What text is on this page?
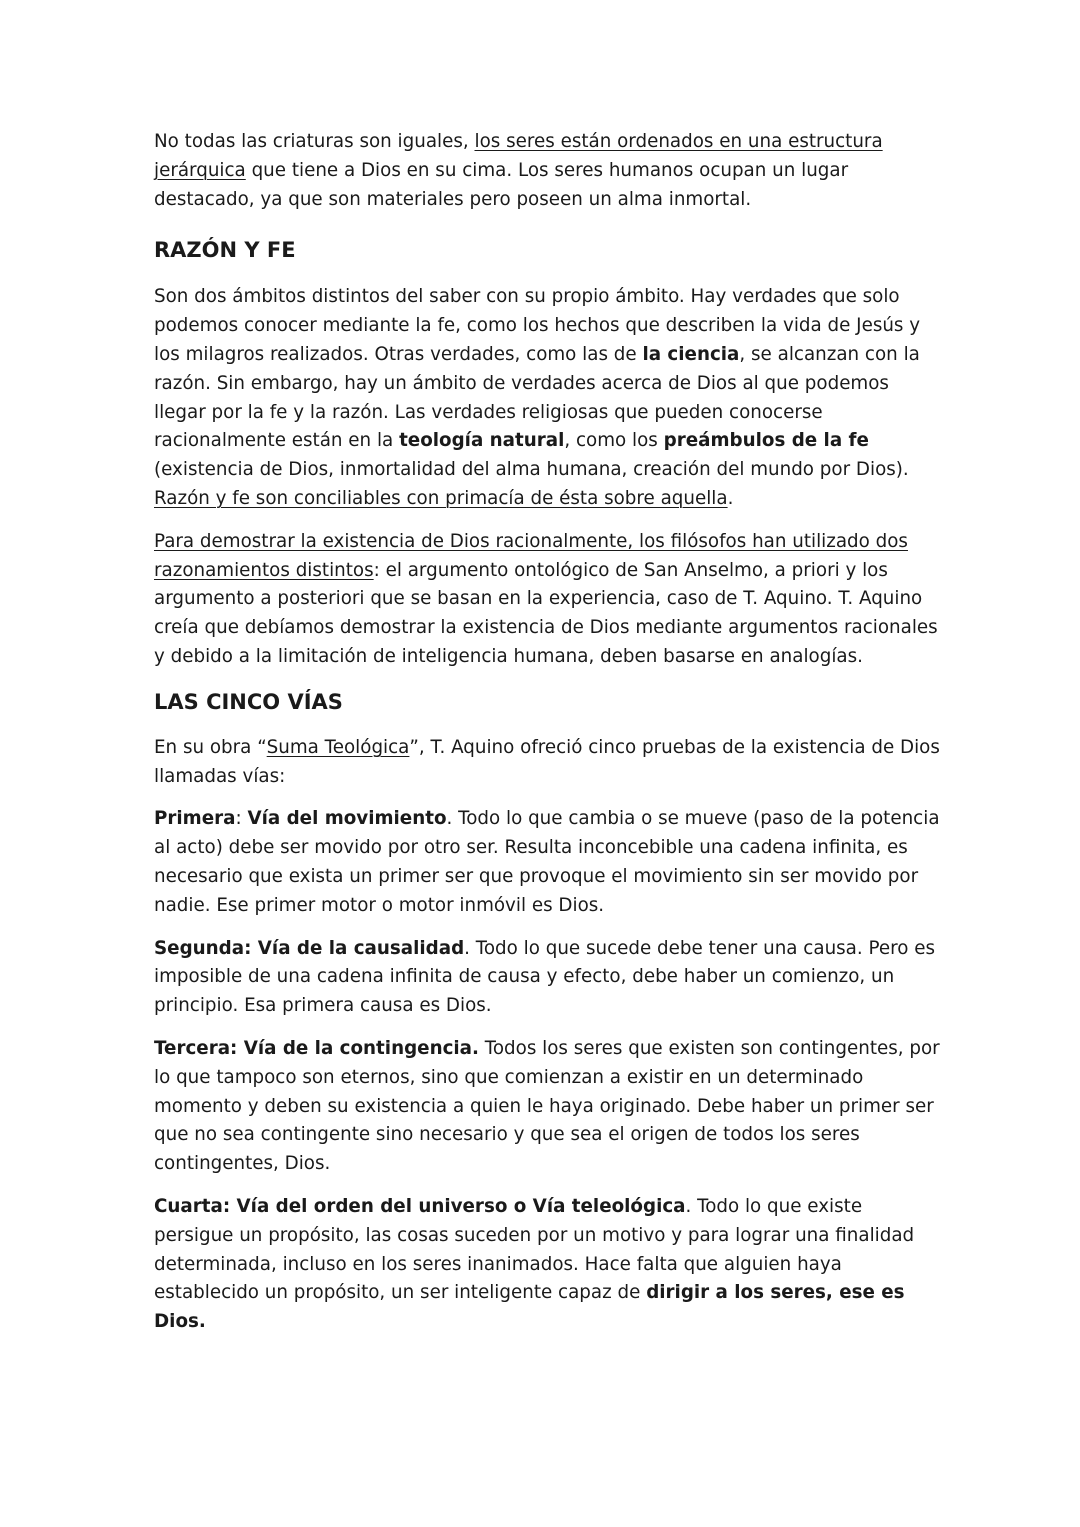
No todas las criaturas son iguales, los seres están ordenados en una estructura jerárquica que tiene a Dios en su cima. Los seres humanos ocupan un lugar destacado, ya que son materiales pero poseen un alma inmortal.

RAZÓN Y FE

Son dos ámbitos distintos del saber con su propio ámbito. Hay verdades que solo podemos conocer mediante la fe, como los hechos que describen la vida de Jesús y los milagros realizados. Otras verdades, como las de la ciencia, se alcanzan con la razón. Sin embargo, hay un ámbito de verdades acerca de Dios al que podemos llegar por la fe y la razón. Las verdades religiosas que pueden conocerse racionalmente están en la teología natural, como los preámbulos de la fe (existencia de Dios, inmortalidad del alma humana, creación del mundo por Dios). Razón y fe son conciliables con primacía de ésta sobre aquella.

Para demostrar la existencia de Dios racionalmente, los filósofos han utilizado dos razonamientos distintos: el argumento ontológico de San Anselmo, a priori y los argumento a posteriori que se basan en la experiencia, caso de T. Aquino. T. Aquino creía que debíamos demostrar la existencia de Dios mediante argumentos racionales y debido a la limitación de inteligencia humana, deben basarse en analogías.

LAS CINCO VÍAS

En su obra “Suma Teológica”, T. Aquino ofreció cinco pruebas de la existencia de Dios llamadas vías:

Primera: Vía del movimiento. Todo lo que cambia o se mueve (paso de la potencia al acto) debe ser movido por otro ser. Resulta inconcebible una cadena infinita, es necesario que exista un primer ser que provoque el movimiento sin ser movido por nadie. Ese primer motor o motor inmóvil es Dios.

Segunda: Vía de la causalidad. Todo lo que sucede debe tener una causa. Pero es imposible de una cadena infinita de causa y efecto, debe haber un comienzo, un principio. Esa primera causa es Dios.

Tercera: Vía de la contingencia. Todos los seres que existen son contingentes, por lo que tampoco son eternos, sino que comienzan a existir en un determinado momento y deben su existencia a quien le haya originado. Debe haber un primer ser que no sea contingente sino necesario y que sea el origen de todos los seres contingentes, Dios.

Cuarta: Vía del orden del universo o Vía teleológica. Todo lo que existe persigue un propósito, las cosas suceden por un motivo y para lograr una finalidad determinada, incluso en los seres inanimados. Hace falta que alguien haya establecido un propósito, un ser inteligente capaz de dirigir a los seres, ese es Dios.
